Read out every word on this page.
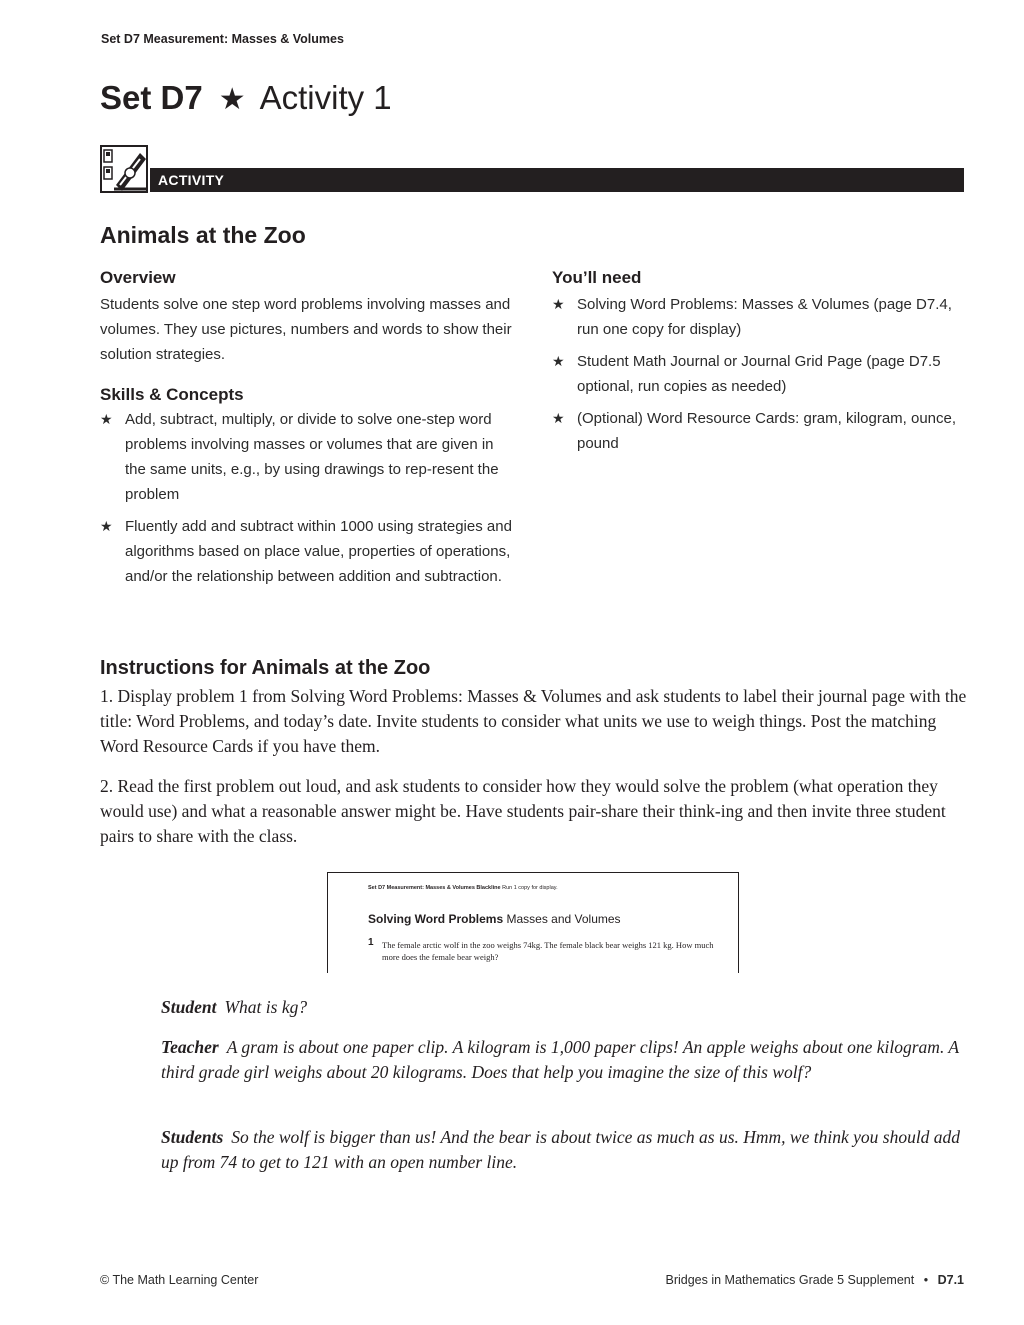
Set D7 Measurement: Masses & Volumes
Set D7 ★ Activity 1
ACTIVITY
Animals at the Zoo
Overview
Students solve one step word problems involving masses and volumes. They use pictures, numbers and words to show their solution strategies.
Skills & Concepts
★ Add, subtract, multiply, or divide to solve one-step word problems involving masses or volumes that are given in the same units, e.g., by using drawings to rep-resent the problem
★ Fluently add and subtract within 1000 using strategies and algorithms based on place value, properties of operations, and/or the relationship between addition and subtraction.
You’ll need
★ Solving Word Problems: Masses & Volumes (page D7.4, run one copy for display)
★ Student Math Journal or Journal Grid Page (page D7.5 optional, run copies as needed)
★ (Optional) Word Resource Cards: gram, kilogram, ounce, pound
Instructions for Animals at the Zoo
1. Display problem 1 from Solving Word Problems: Masses & Volumes and ask students to label their journal page with the title: Word Problems, and today’s date. Invite students to consider what units we use to weigh things. Post the matching Word Resource Cards if you have them.
2. Read the first problem out loud, and ask students to consider how they would solve the problem (what operation they would use) and what a reasonable answer might be. Have students pair-share their think-ing and then invite three student pairs to share with the class.
Set D7 Measurement: Masses & Volumes Blackline Run 1 copy for display.
Solving Word Problems Masses and Volumes
1 The female arctic wolf in the zoo weighs 74kg. The female black bear weighs 121 kg. How much more does the female bear weigh?
Student What is kg?
Teacher A gram is about one paper clip. A kilogram is 1,000 paper clips! An apple weighs about one kilogram. A third grade girl weighs about 20 kilograms. Does that help you imagine the size of this wolf?
Students So the wolf is bigger than us! And the bear is about twice as much as us. Hmm, we think you should add up from 74 to get to 121 with an open number line.
© The Math Learning Center	Bridges in Mathematics Grade 5 Supplement • D7.1
